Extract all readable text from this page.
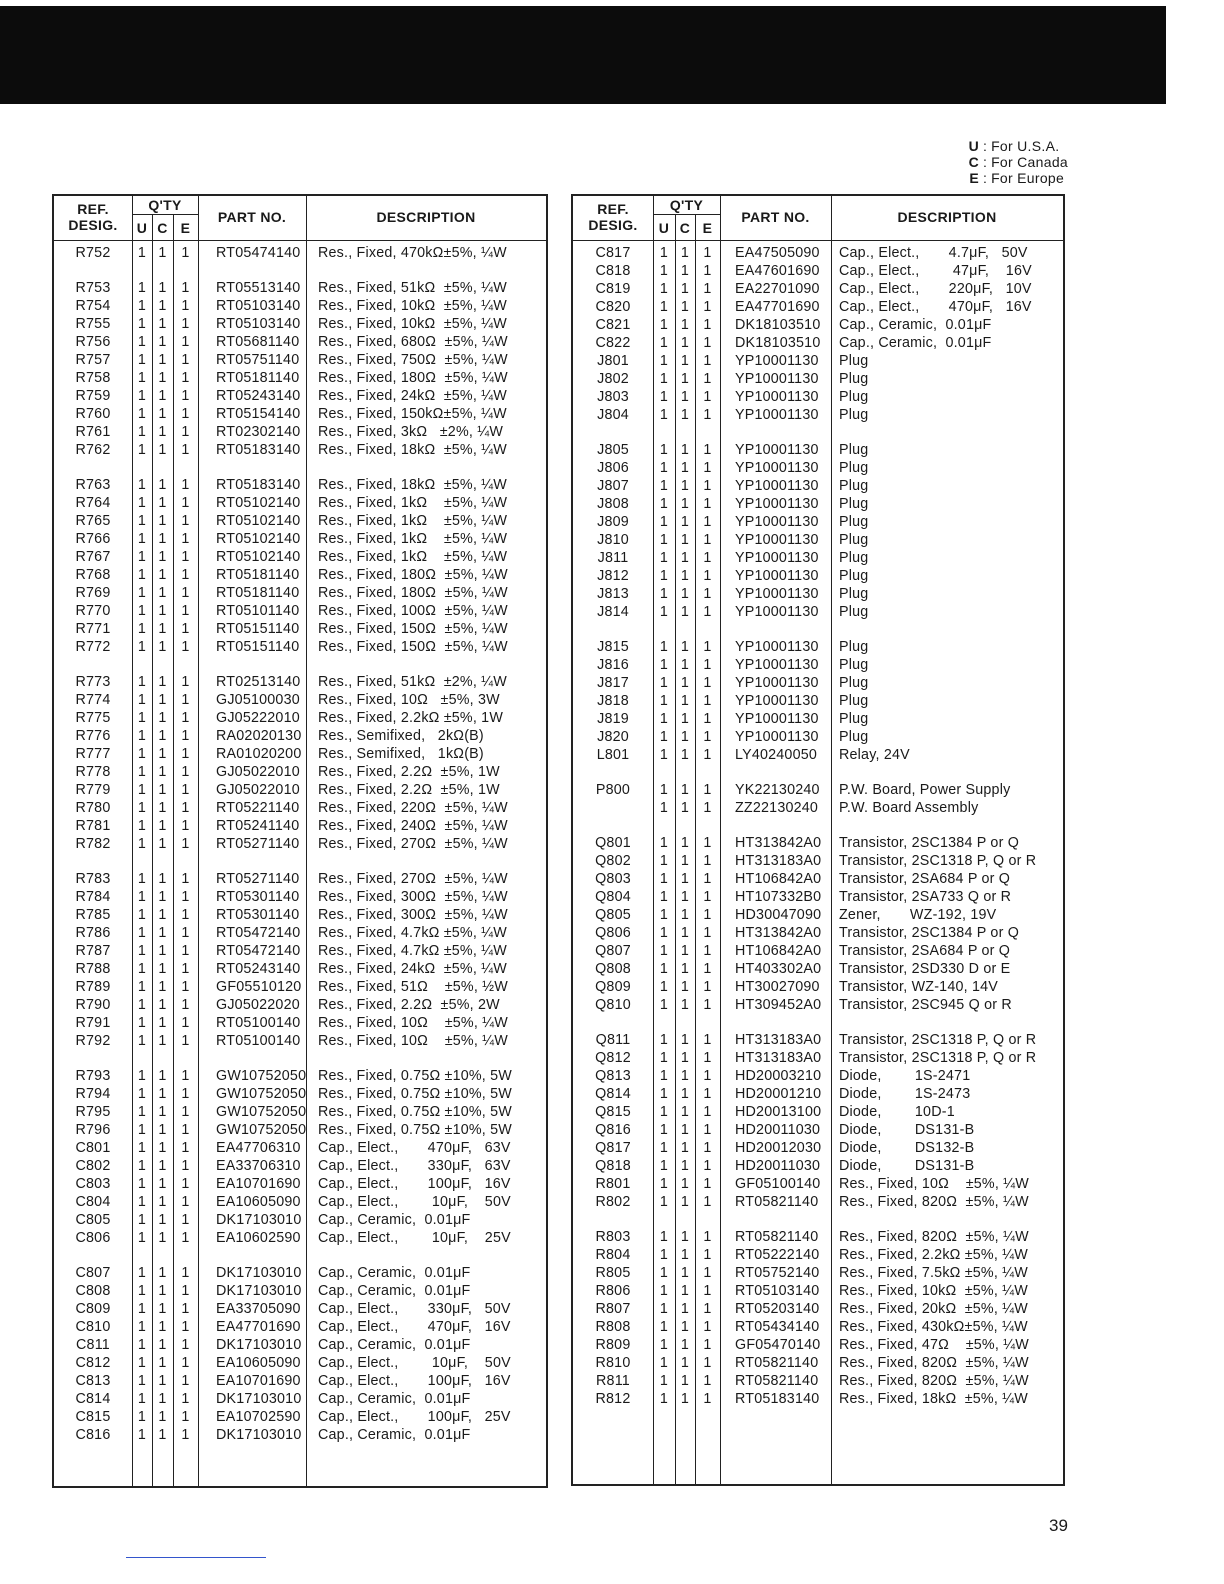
U : For U.S.A.
C : For Canada
E : For Europe
REF.
DESIG.
Q'TY
U C E
PART NO.	DESCRIPTION
R752	1 1	1	RT05474140 Res., Fixed, 470kΩ±5%, ¼W
R753	1 1	1	RT05513140 Res., Fixed, 51kΩ  ±5%, ¼W
R754	1 1	1	RT05103140 Res., Fixed, 10kΩ  ±5%, ¼W
R755	1 1	1	RT05103140 Res., Fixed, 10kΩ  ±5%, ¼W
R756	1 1	1	RT05681140 Res., Fixed, 680Ω  ±5%, ¼W
R757	1 1	1	RT05751140 Res., Fixed, 750Ω  ±5%, ¼W
R758	1 1	1	RT05181140 Res., Fixed, 180Ω  ±5%, ¼W
R759	1 1	1	RT05243140 Res., Fixed, 24kΩ  ±5%, ¼W
R760	1 1	1	RT05154140 Res., Fixed, 150kΩ±5%, ¼W
R761	1 1	1	RT02302140 Res., Fixed, 3kΩ   ±2%, ¼W
R762	1 1	1	RT05183140 Res., Fixed, 18kΩ  ±5%, ¼W
R763	1 1	1	RT05183140 Res., Fixed, 18kΩ  ±5%, ¼W
R764	1 1	1	RT05102140 Res., Fixed, 1kΩ    ±5%, ¼W
R765	1 1	1	RT05102140 Res., Fixed, 1kΩ    ±5%, ¼W
R766	1 1	1	RT05102140 Res., Fixed, 1kΩ    ±5%, ¼W
R767	1 1	1	RT05102140 Res., Fixed, 1kΩ    ±5%, ¼W
R768	1 1	1	RT05181140 Res., Fixed, 180Ω  ±5%, ¼W
R769	1 1	1	RT05181140 Res., Fixed, 180Ω  ±5%, ¼W
R770	1 1	1	RT05101140 Res., Fixed, 100Ω  ±5%, ¼W
R771	1 1	1	RT05151140 Res., Fixed, 150Ω  ±5%, ¼W
R772	1 1	1	RT05151140 Res., Fixed, 150Ω  ±5%, ¼W
R773	1 1	1	RT02513140 Res., Fixed, 51kΩ  ±2%, ¼W
R774	1 1	1	GJ05100030 Res., Fixed, 10Ω   ±5%, 3W
R775	1 1	1	GJ05222010 Res., Fixed, 2.2kΩ ±5%, 1W
R776	1 1	1	RA02020130 Res., Semifixed,   2kΩ(B)
R777	1 1	1	RA01020200 Res., Semifixed,   1kΩ(B)
R778	1 1	1	GJ05022010 Res., Fixed, 2.2Ω  ±5%, 1W
R779	1 1	1	GJ05022010 Res., Fixed, 2.2Ω  ±5%, 1W
R780	1 1	1	RT05221140 Res., Fixed, 220Ω  ±5%, ¼W
R781	1 1	1	RT05241140 Res., Fixed, 240Ω  ±5%, ¼W
R782	1 1	1	RT05271140 Res., Fixed, 270Ω  ±5%, ¼W
R783	1 1	1	RT05271140 Res., Fixed, 270Ω  ±5%, ¼W
R784	1 1	1	RT05301140 Res., Fixed, 300Ω  ±5%, ¼W
R785	1 1	1	RT05301140 Res., Fixed, 300Ω  ±5%, ¼W
R786	1 1	1	RT05472140 Res., Fixed, 4.7kΩ ±5%, ¼W
R787	1 1	1	RT05472140 Res., Fixed, 4.7kΩ ±5%, ¼W
R788	1 1	1	RT05243140 Res., Fixed, 24kΩ  ±5%, ¼W
R789	1 1	1	GF05510120 Res., Fixed, 51Ω    ±5%, ½W
R790	1 1	1	GJ05022020 Res., Fixed, 2.2Ω  ±5%, 2W
R791	1 1	1	RT05100140 Res., Fixed, 10Ω    ±5%, ¼W
R792	1 1	1	RT05100140 Res., Fixed, 10Ω    ±5%, ¼W
R793	1 1	1	GW10752050 Res., Fixed, 0.75Ω ±10%, 5W
R794	1 1	1	GW10752050 Res., Fixed, 0.75Ω ±10%, 5W
R795	1 1	1	GW10752050 Res., Fixed, 0.75Ω ±10%, 5W
R796	1 1	1	GW10752050 Res., Fixed, 0.75Ω ±10%, 5W
C801	1 1	1	EA47706310 Cap., Elect.,       470μF,   63V
C802	1 1	1	EA33706310 Cap., Elect.,       330μF,   63V
C803	1 1	1	EA10701690 Cap., Elect.,       100μF,   16V
C804	1 1	1	EA10605090 Cap., Elect.,        10μF,    50V
C805	1 1	1	DK17103010 Cap., Ceramic,  0.01μF
C806	1 1	1	EA10602590 Cap., Elect.,        10μF,    25V
C807	1 1	1	DK17103010 Cap., Ceramic,  0.01μF
C808	1 1	1	DK17103010 Cap., Ceramic,  0.01μF
C809	1 1	1	EA33705090 Cap., Elect.,       330μF,   50V
C810	1 1	1	EA47701690 Cap., Elect.,       470μF,   16V
C811	1 1	1	DK17103010 Cap., Ceramic,  0.01μF
C812	1 1	1	EA10605090 Cap., Elect.,        10μF,    50V
C813	1 1	1	EA10701690 Cap., Elect.,       100μF,   16V
C814	1 1	1	DK17103010 Cap., Ceramic,  0.01μF
C815	1 1	1	EA10702590 Cap., Elect.,       100μF,   25V
C816	1 1	1	DK17103010 Cap., Ceramic,  0.01μF
REF.
DESIG.
Q'TY
U C E
PART NO.	DESCRIPTION
C817	1 1	1	EA47505090 Cap., Elect.,       4.7μF,   50V
C818	1 1	1	EA47601690 Cap., Elect.,        47μF,    16V
C819	1 1	1	EA22701090 Cap., Elect.,       220μF,   10V
C820	1 1	1	EA47701690 Cap., Elect.,       470μF,   16V
C821	1 1	1	DK18103510 Cap., Ceramic,  0.01μF
C822	1 1	1	DK18103510 Cap., Ceramic,  0.01μF
J801	1 1	1	YP10001130 Plug
J802	1 1	1	YP10001130 Plug
J803	1 1	1	YP10001130 Plug
J804	1 1	1	YP10001130 Plug
J805	1 1	1	YP10001130 Plug
J806	1 1	1	YP10001130 Plug
J807	1 1	1	YP10001130 Plug
J808	1 1	1	YP10001130 Plug
J809	1 1	1	YP10001130 Plug
J810	1 1	1	YP10001130 Plug
J811	1 1	1	YP10001130 Plug
J812	1 1	1	YP10001130 Plug
J813	1 1	1	YP10001130 Plug
J814	1 1	1	YP10001130 Plug
J815	1 1	1	YP10001130 Plug
J816	1 1	1	YP10001130 Plug
J817	1 1	1	YP10001130 Plug
J818	1 1	1	YP10001130 Plug
J819	1 1	1	YP10001130 Plug
J820	1 1	1	YP10001130 Plug
L801	1 1	1	LY40240050 Relay, 24V
P800	1 1	1	YK22130240 P.W. Board, Power Supply
1 1	1	ZZ22130240 P.W. Board Assembly
Q801	1 1	1	HT313842A0 Transistor, 2SC1384 P or Q
Q802	1 1	1	HT313183A0 Transistor, 2SC1318 P, Q or R
Q803	1 1	1	HT106842A0 Transistor, 2SA684 P or Q
Q804	1 1	1	HT107332B0 Transistor, 2SA733 Q or R
Q805	1 1	1	HD30047090 Zener,       WZ-192, 19V
Q806	1 1	1	HT313842A0 Transistor, 2SC1384 P or Q
Q807	1 1	1	HT106842A0 Transistor, 2SA684 P or Q
Q808	1 1	1	HT403302A0 Transistor, 2SD330 D or E
Q809	1 1	1	HT30027090 Transistor, WZ-140, 14V
Q810	1 1	1	HT309452A0 Transistor, 2SC945 Q or R
Q811	1 1	1	HT313183A0 Transistor, 2SC1318 P, Q or R
Q812	1 1	1	HT313183A0 Transistor, 2SC1318 P, Q or R
Q813	1 1	1	HD20003210 Diode,        1S-2471
Q814	1 1	1	HD20001210 Diode,        1S-2473
Q815	1 1	1	HD20013100 Diode,        10D-1
Q816	1 1	1	HD20011030 Diode,        DS131-B
Q817	1 1	1	HD20012030 Diode,        DS132-B
Q818	1 1	1	HD20011030 Diode,        DS131-B
R801	1 1	1	GF05100140 Res., Fixed, 10Ω    ±5%, ¼W
R802	1 1	1	RT05821140 Res., Fixed, 820Ω  ±5%, ¼W
R803	1 1	1	RT05821140 Res., Fixed, 820Ω  ±5%, ¼W
R804	1 1	1	RT05222140 Res., Fixed, 2.2kΩ ±5%, ¼W
R805	1 1	1	RT05752140 Res., Fixed, 7.5kΩ ±5%, ¼W
R806	1 1	1	RT05103140 Res., Fixed, 10kΩ  ±5%, ¼W
R807	1 1	1	RT05203140 Res., Fixed, 20kΩ  ±5%, ¼W
R808	1 1	1	RT05434140 Res., Fixed, 430kΩ±5%, ¼W
R809	1 1	1	GF05470140 Res., Fixed, 47Ω    ±5%, ¼W
R810	1 1	1	RT05821140 Res., Fixed, 820Ω  ±5%, ¼W
R811	1 1	1	RT05821140 Res., Fixed, 820Ω  ±5%, ¼W
R812	1 1	1	RT05183140 Res., Fixed, 18kΩ  ±5%, ¼W
39
